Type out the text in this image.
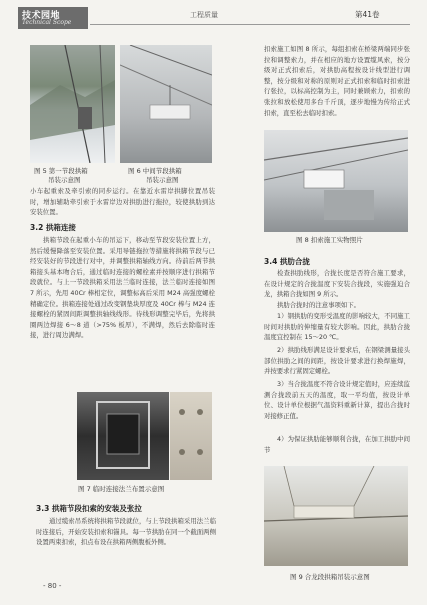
技术园地
Technical Scope
工程质量	第41卷
图 5 第一节段拱箱
吊装示意图
图 6 中间节段拱箱
吊装示意图
小车起重索及牵引索的同步运行。在靠近水雷岸拱脚位置吊装时，增加辅助牵引索于水雷岸边对拱肋进行拖拉，较使拱肋到达安装位置。
3.2 拱箱连接
拱箱节段在起重小车的吊运下，移动至节段安装位置上方，然后缓慢降落至安装位置。采用导链拖拉等措施将拱箱节段与已经安装好的节段进行对中，并调整拱箱轴线方向。待前后两节拱箱接头基本吻合后，通过临时连接的螺栓素并按顺序进行拱箱节段就位。与上一节段拱箱采用法兰临时连接，法兰临时连接如图 7 所示，先用 40Cr 棒相定位，调整标高后采用 M24 高强度螺栓精确定位。拱箱连接处通过改变钢垫块厚度及 40Cr 棒与 M24 连接螺栓的紧固间距调整拱轴线线形。待线形调整完毕后，先将拱圈两边焊接 6～8 道（>75% 板厚），不满焊，然后去除临时连接，进行周边满焊。
图 7 临时连接法兰布置示意图
3.3 拱箱节段扣索的安装及张拉
通过缆索吊系统将拱箱节段就位，与上节段拱箱采用法兰临时连接后，开始安装扣索和锚具。每一节拱肋在同一个截面两侧设置两束扣索，扣点布设在拱箱两侧腹板外侧。
- 80 -
扣索施工如图 8 所示，每组扣索在桥梁两端同步张拉和调整索力，并在相应的地方设置缆风索，按分级对正式扣索后，对拱肋高程按设计线型进行调整，按分级和对称的原则对正式扣索和临时扣索进行张拉，以标高控制为主，同时兼顾索力，扣索的张拉和放松使用多台千斤顶，逐步地慢为传给正式扣索，直至松去临时扣索。
图 8 扣索施工实物照片
3.4 拱肋合拢
检查拱肋线形，合拢长度是否符合施工要求，在设计规定的合拢温度下安装合拢段，实施强迫合龙，拱箱合拢如图 9 所示。
拱肋合拢时的注意事项如下。
1）钢拱肋的变形受温度的影响较大，不同施工时间对拱肋的伸缩量有较大影响。因此，拱肋合拢温度宜控制在 15～20 ℃。
2）拱肋线形满足设计要求后，在钢梁测量接头部位拱肋之间的间距，按设计要求进行换焊施焊，并按要求行紧固定螺栓。
3）当合拢温度不符合设计规定值时，应连续监测合拢段前五天的温度，取一平均值，按设计单位、设计单位根据气温资料重新计算，提出合拢时对接修正值。
4）为保证拱肋能够顺利合拢，在加工拱肋中间节
图 9 合龙段拱箱吊装示意图
